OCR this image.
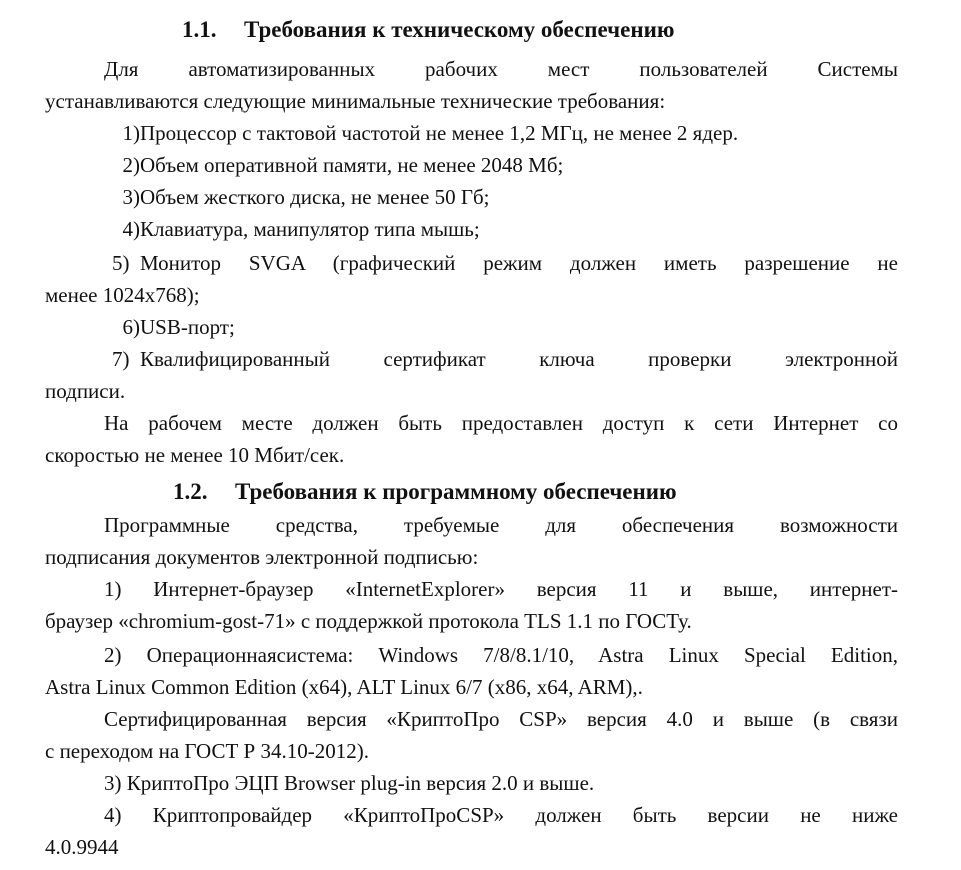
1.1. Требования к техническому обеспечению
Для автоматизированных рабочих мест пользователей Системы
устанавливаются следующие минимальные технические требования:
1)Процессор с тактовой частотой не менее 1,2 МГц, не менее 2 ядер.
2)Объем оперативной памяти, не менее 2048 Мб;
3)Объем жесткого диска, не менее 50 Гб;
4)Клавиатура, манипулятор типа мышь;
5) Монитор SVGA (графический режим должен иметь разрешение не
менее 1024х768);
6)USB-порт;
7) Квалифицированный сертификат ключа проверки электронной
подписи.
На рабочем месте должен быть предоставлен доступ к сети Интернет со
скоростью не менее 10 Мбит/сек.
1.2. Требования к программному обеспечению
Программные средства, требуемые для обеспечения возможности
подписания документов электронной подписью:
1) Интернет-браузер «InternetExplorer» версия 11 и выше, интернет-
браузер «chromium-gost-71» с поддержкой протокола TLS 1.1 по ГОСТу.
2) Операционнаясистема: Windows 7/8/8.1/10, Astra Linux Special Edition,
Astra Linux Common Edition (x64), ALT Linux 6/7 (x86, x64, ARM),.
Сертифицированная версия «КриптоПро CSP» версия 4.0 и выше (в связи
с переходом на ГОСТ Р 34.10-2012).
3) КриптоПро ЭЦП Browser plug-in версия 2.0 и выше.
4) Криптопровайдер «КриптоПроCSP» должен быть версии не ниже
4.0.9944
